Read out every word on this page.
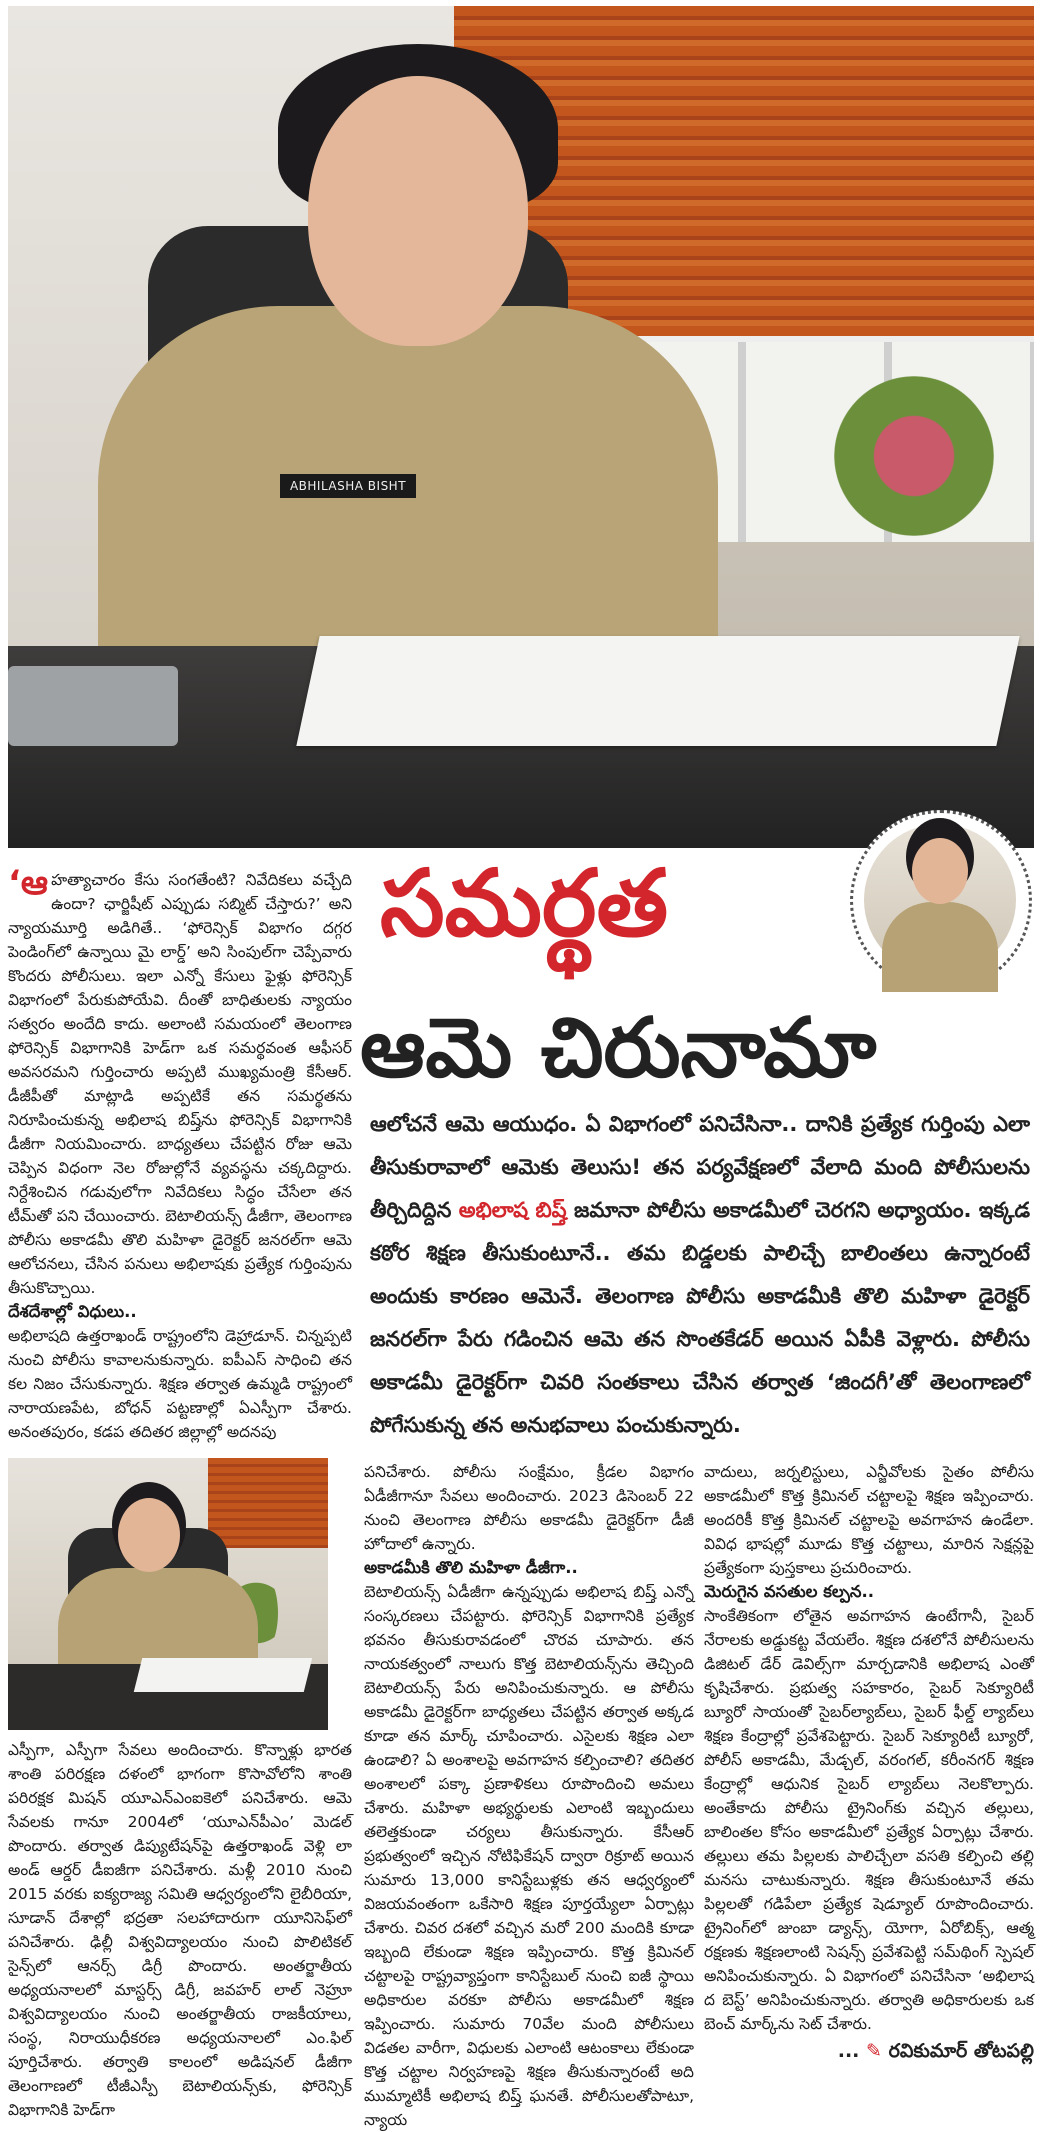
ABHILASHA BISHT
సమర్థత
ఆమె చిరునామా
ఆలోచనే ఆమె ఆయుధం. ఏ విభాగంలో పనిచేసినా.. దానికి ప్రత్యేక గుర్తింపు ఎలా తీసుకురావాలో ఆమెకు తెలుసు! తన పర్యవేక్షణలో వేలాది మంది పోలీసులను తీర్చిదిద్దిన అభిలాష బిష్త్ జమానా పోలీసు అకాడమీలో చెరగని అధ్యాయం. ఇక్కడ కఠోర శిక్షణ తీసుకుంటూనే.. తమ బిడ్డలకు పాలిచ్చే బాలింతలు ఉన్నారంటే అందుకు కారణం ఆమెనే. తెలంగాణ పోలీసు అకాడమీకి తొలి మహిళా డైరెక్టర్ జనరల్‌గా పేరు గడించిన ఆమె తన సొంతకేడర్ అయిన ఏపీకి వెళ్లారు. పోలీసు అకాడమీ డైరెక్టర్‌గా చివరి సంతకాలు చేసిన తర్వాత ‘జిందగీ’తో తెలంగాణలో పోగేసుకున్న తన అనుభవాలు పంచుకున్నారు.

‘ఆహత్యాచారం కేసు సంగతేంటి? నివేదికలు వచ్చేది ఉందా? ఛార్జిషీట్ ఎప్పుడు సబ్మిట్ చేస్తారు?’ అని న్యాయమూర్తి అడిగితే.. ‘ఫోరెన్సిక్ విభాగం దగ్గర పెండింగ్‌లో ఉన్నాయి మై లార్డ్’ అని సింపుల్‌గా చెప్పేవారు కొందరు పోలీసులు. ఇలా ఎన్నో కేసులు ఫైళ్లు ఫోరెన్సిక్ విభాగంలో పేరుకుపోయేవి. దీంతో బాధితులకు న్యాయం సత్వరం అందేది కాదు. అలాంటి సమయంలో తెలంగాణ ఫోరెన్సిక్ విభాగానికి హెడ్‌గా ఒక సమర్థవంత ఆఫీసర్ అవసరమని గుర్తించారు అప్పటి ముఖ్యమంత్రి కేసీఆర్. డీజీపీతో మాట్లాడి అప్పటికే తన సమర్థతను నిరూపించుకున్న అభిలాష బిష్త్‌ను ఫోరెన్సిక్ విభాగానికి డీజీగా నియమించారు. బాధ్యతలు చేపట్టిన రోజు ఆమె చెప్పిన విధంగా నెల రోజుల్లోనే వ్యవస్థను చక్కదిద్దారు. నిర్దేశించిన గడువులోగా నివేదికలు సిద్ధం చేసేలా తన టీమ్‌తో పని చేయించారు. బెటాలియన్స్ డీజీగా, తెలంగాణ పోలీసు అకాడమీ తొలి మహిళా డైరెక్టర్ జనరల్‌గా ఆమె ఆలోచనలు, చేసిన పనులు అభిలాషకు ప్రత్యేక గుర్తింపును తీసుకొచ్చాయి.

దేశదేశాల్లో విధులు..

అభిలాషది ఉత్తరాఖండ్ రాష్ట్రంలోని డెహ్రాడూన్. చిన్నప్పటి నుంచి పోలీసు కావాలనుకున్నారు. ఐపీఎస్ సాధించి తన కల నిజం చేసుకున్నారు. శిక్షణ తర్వాత ఉమ్మడి రాష్ట్రంలో నారాయణపేట, బోధన్ పట్టణాల్లో ఏఎస్పీగా చేశారు. అనంతపురం, కడప తదితర జిల్లాల్లో అదనపు

ఎస్పీగా, ఎస్పీగా సేవలు అందించారు. కొన్నాళ్లు భారత శాంతి పరిరక్షణ దళంలో భాగంగా కొసావోలోని శాంతి పరిరక్షక మిషన్ యూఎన్ఎంఐకెలో పనిచేశారు. ఆమె సేవలకు గానూ 2004లో ‘యూఎన్‌పీఎం’ మెడల్ పొందారు. తర్వాత డిప్యుటేషన్‌పై ఉత్తరాఖండ్ వెళ్లి లా అండ్ ఆర్డర్ డీఐజీగా పనిచేశారు. మళ్లీ 2010 నుంచి 2015 వరకు ఐక్యరాజ్య సమితి ఆధ్వర్యంలోని లైబీరియా, సూడాన్ దేశాల్లో భద్రతా సలహాదారుగా యూనిసెఫ్‌లో పనిచేశారు. ఢిల్లీ విశ్వవిద్యాలయం నుంచి పొలిటికల్ సైన్స్‌లో ఆనర్స్ డిగ్రీ పొందారు. అంతర్జాతీయ అధ్యయనాలలో మాస్టర్స్ డిగ్రీ, జవహర్ లాల్ నెహ్రూ విశ్వవిద్యాలయం నుంచి అంతర్జాతీయ రాజకీయాలు, సంస్థ, నిరాయుధీకరణ అధ్యయనాలలో ఎం.ఫిల్ పూర్తిచేశారు. తర్వాతి కాలంలో అడిషనల్ డీజీగా తెలంగాణలో టీజీఎస్పీ బెటాలియన్స్‌కు, ఫోరెన్సిక్ విభాగానికి హెడ్‌గా

పనిచేశారు. పోలీసు సంక్షేమం, క్రీడల విభాగం ఏడీజీగానూ సేవలు అందించారు. 2023 డిసెంబర్ 22 నుంచి తెలంగాణ పోలీసు అకాడమీ డైరెక్టర్‌గా డీజీ హోదాలో ఉన్నారు.

అకాడమీకి తొలి మహిళా డీజీగా..

బెటాలియన్స్ ఏడీజీగా ఉన్నప్పుడు అభిలాష బిష్త్ ఎన్నో సంస్కరణలు చేపట్టారు. ఫోరెన్సిక్ విభాగానికి ప్రత్యేక భవనం తీసుకురావడంలో చొరవ చూపారు. తన నాయకత్వంలో నాలుగు కొత్త బెటాలియన్స్‌ను తెచ్చింది బెటాలియన్స్ పేరు అనిపించుకున్నారు. ఆ పోలీసు అకాడమీ డైరెక్టర్‌గా బాధ్యతలు చేపట్టిన తర్వాత అక్కడ కూడా తన మార్క్ చూపించారు. ఎసైలకు శిక్షణ ఎలా ఉండాలి? ఏ అంశాలపై అవగాహన కల్పించాలి? తదితర అంశాలలో పక్కా ప్రణాళికలు రూపొందించి అమలు చేశారు. మహిళా అభ్యర్థులకు ఎలాంటి ఇబ్బందులు తలెత్తకుండా చర్యలు తీసుకున్నారు. కేసీఆర్ ప్రభుత్వంలో ఇచ్చిన నోటిఫికేషన్ ద్వారా రిక్రూట్ అయిన సుమారు 13,000 కానిస్టేబుళ్లకు తన ఆధ్వర్యంలో విజయవంతంగా ఒకేసారి శిక్షణ పూర్తయ్యేలా ఏర్పాట్లు చేశారు. చివర దశలో వచ్చిన మరో 200 మందికి కూడా ఇబ్బంది లేకుండా శిక్షణ ఇప్పించారు. కొత్త క్రిమినల్ చట్టాలపై రాష్ట్రవ్యాప్తంగా కానిస్టేబుల్ నుంచి ఐజీ స్థాయి అధికారుల వరకూ పోలీసు అకాడమీలో శిక్షణ ఇప్పించారు. సుమారు 70వేల మంది పోలీసులు విడతల వారీగా, విధులకు ఎలాంటి ఆటంకాలు లేకుండా కొత్త చట్టాల నిర్వహణపై శిక్షణ తీసుకున్నారంటే అది ముమ్మాటికీ అభిలాష బిష్త్ ఘనతే. పోలీసులతోపాటూ, న్యాయ

వాదులు, జర్నలిస్టులు, ఎన్జీవోలకు సైతం పోలీసు అకాడమీలో కొత్త క్రిమినల్ చట్టాలపై శిక్షణ ఇప్పించారు. అందరికీ కొత్త క్రిమినల్ చట్టాలపై అవగాహన ఉండేలా. వివిధ భాషల్లో మూడు కొత్త చట్టాలు, మారిన సెక్షన్లపై ప్రత్యేకంగా పుస్తకాలు ప్రచురించారు.

మెరుగైన వసతుల కల్పన..

సాంకేతికంగా లోతైన అవగాహన ఉంటేగానీ, సైబర్ నేరాలకు అడ్డుకట్ట వేయలేం. శిక్షణ దశలోనే పోలీసులను డిజిటల్ డేర్ డెవిల్స్‌గా మార్చడానికి అభిలాష ఎంతో కృషిచేశారు. ప్రభుత్వ సహకారం, సైబర్ సెక్యూరిటీ బ్యూరో సాయంతో సైబర్‌ల్యాబ్‌లు, సైబర్ ఫీల్డ్ ల్యాబ్‌లు శిక్షణ కేంద్రాల్లో ప్రవేశపెట్టారు. సైబర్ సెక్యూరిటీ బ్యూరో, పోలీస్ అకాడమీ, మేడ్చల్, వరంగల్, కరీంనగర్ శిక్షణ కేంద్రాల్లో ఆధునిక సైబర్ ల్యాబ్‌లు నెలకొల్పారు. అంతేకాదు పోలీసు ట్రైనింగ్‌కు వచ్చిన తల్లులు, బాలింతల కోసం అకాడమీలో ప్రత్యేక ఏర్పాట్లు చేశారు. తల్లులు తమ పిల్లలకు పాలిచ్చేలా వసతి కల్పించి తల్లి మనసు చాటుకున్నారు. శిక్షణ తీసుకుంటూనే తమ పిల్లలతో గడిపేలా ప్రత్యేక షెడ్యూల్ రూపొందించారు. ట్రైనింగ్‌లో జుంబా డ్యాన్స్, యోగా, ఏరోబిక్స్, ఆత్మ రక్షణకు శిక్షణలాంటి సెషన్స్ ప్రవేశపెట్టి సమ్‌థింగ్ స్పెషల్ అనిపించుకున్నారు. ఏ విభాగంలో పనిచేసినా ‘అభిలాష ద బెస్ట్’ అనిపించుకున్నారు. తర్వాతి అధికారులకు ఒక బెంచ్ మార్క్‌ను సెట్ చేశారు.

... ✎ రవికుమార్ తోటపల్లి
